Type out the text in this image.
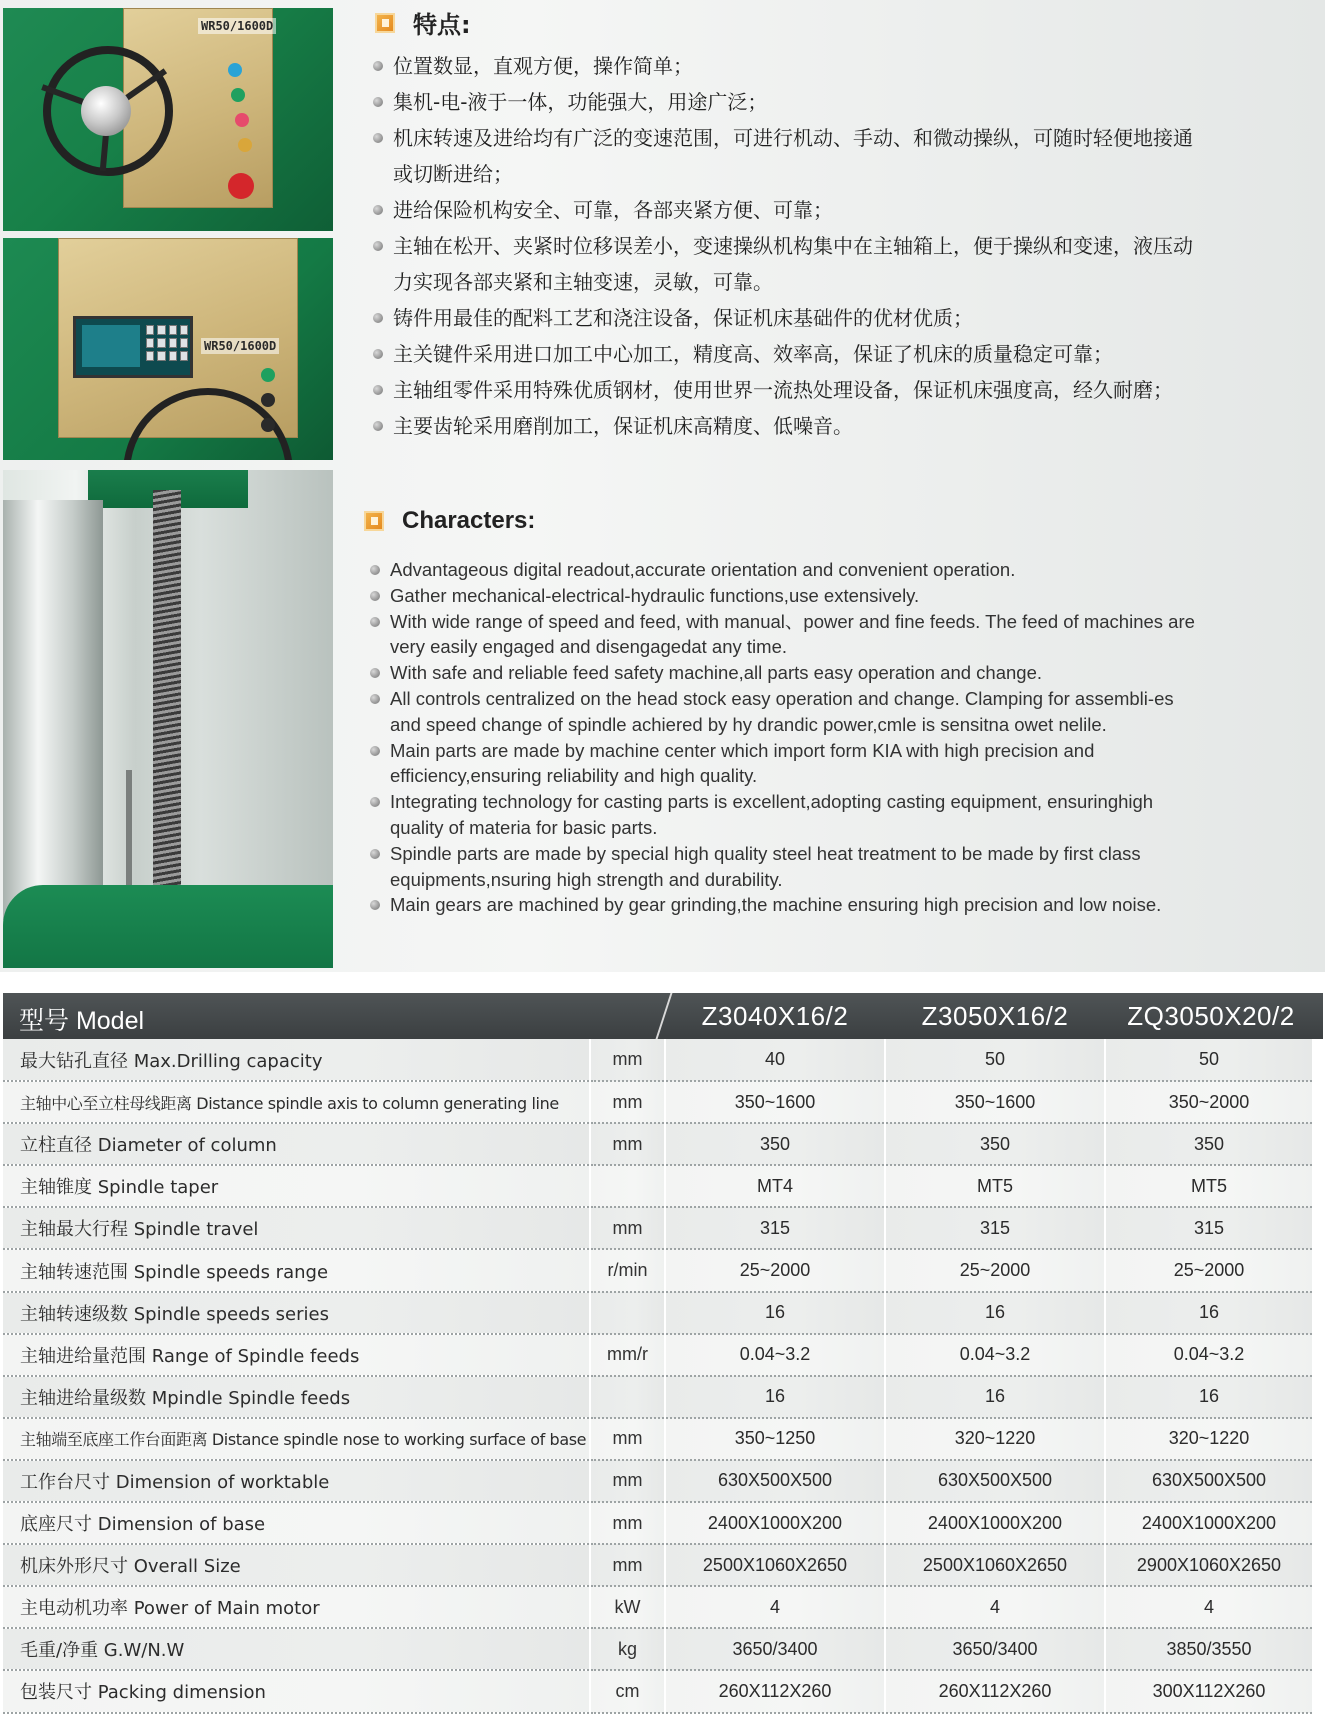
WR50/1600D
WR50/1600D
特点:
位置数显，直观方便，操作简单；
集机-电-液于一体，功能强大，用途广泛；
机床转速及进给均有广泛的变速范围，可进行机动、手动、和微动操纵，可随时轻便地接通或切断进给；
进给保险机构安全、可靠，各部夹紧方便、可靠；
主轴在松开、夹紧时位移误差小，变速操纵机构集中在主轴箱上，便于操纵和变速，液压动力实现各部夹紧和主轴变速，灵敏，可靠。
铸件用最佳的配料工艺和浇注设备，保证机床基础件的优材优质；
主关键件采用进口加工中心加工，精度高、效率高，保证了机床的质量稳定可靠；
主轴组零件采用特殊优质钢材，使用世界一流热处理设备，保证机床强度高，经久耐磨；
主要齿轮采用磨削加工，保证机床高精度、低噪音。
Characters:
Advantageous digital readout,accurate orientation and convenient operation.
Gather mechanical-electrical-hydraulic functions,use extensively.
With wide range of speed and feed, with manual、power and fine feeds. The feed of machines are very easily engaged and disengagedat any time.
With safe and reliable feed safety machine,all parts easy operation and change.
All controls centralized on the head stock easy operation and change. Clamping for assembli-es and speed change of spindle achiered by hy drandic power,cmle is sensitna owet nelile.
Main parts are made by machine center which import form KIA with high precision and efficiency,ensuring reliability and high quality.
Integrating technology for casting parts is excellent,adopting casting equipment, ensuringhigh quality of materia for basic parts.
Spindle parts are made by special high quality steel heat treatment to be made by first class equipments,nsuring high strength and durability.
Main gears are machined by gear grinding,the machine ensuring high precision and low noise.
型号 Model	Z3040X16/2	Z3050X16/2	ZQ3050X20/2
最大钻孔直径 Max.Drilling capacity	mm	40	50	50
主轴中心至立柱母线距离 Distance spindle axis to column generating line	mm	350~1600	350~1600	350~2000
立柱直径 Diameter of column	mm	350	350	350
主轴锥度 Spindle taper		MT4	MT5	MT5
主轴最大行程 Spindle travel	mm	315	315	315
主轴转速范围 Spindle speeds range	r/min	25~2000	25~2000	25~2000
主轴转速级数 Spindle speeds series		16	16	16
主轴进给量范围 Range of Spindle feeds	mm/r	0.04~3.2	0.04~3.2	0.04~3.2
主轴进给量级数 Mpindle Spindle feeds		16	16	16
主轴端至底座工作台面距离 Distance spindle nose to working surface of base	mm	350~1250	320~1220	320~1220
工作台尺寸 Dimension of worktable	mm	630X500X500	630X500X500	630X500X500
底座尺寸 Dimension of base	mm	2400X1000X200	2400X1000X200	2400X1000X200
机床外形尺寸 Overall Size	mm	2500X1060X2650	2500X1060X2650	2900X1060X2650
主电动机功率 Power of Main motor	kW	4	4	4
毛重/净重 G.W/N.W	kg	3650/3400	3650/3400	3850/3550
包装尺寸 Packing dimension	cm	260X112X260	260X112X260	300X112X260
